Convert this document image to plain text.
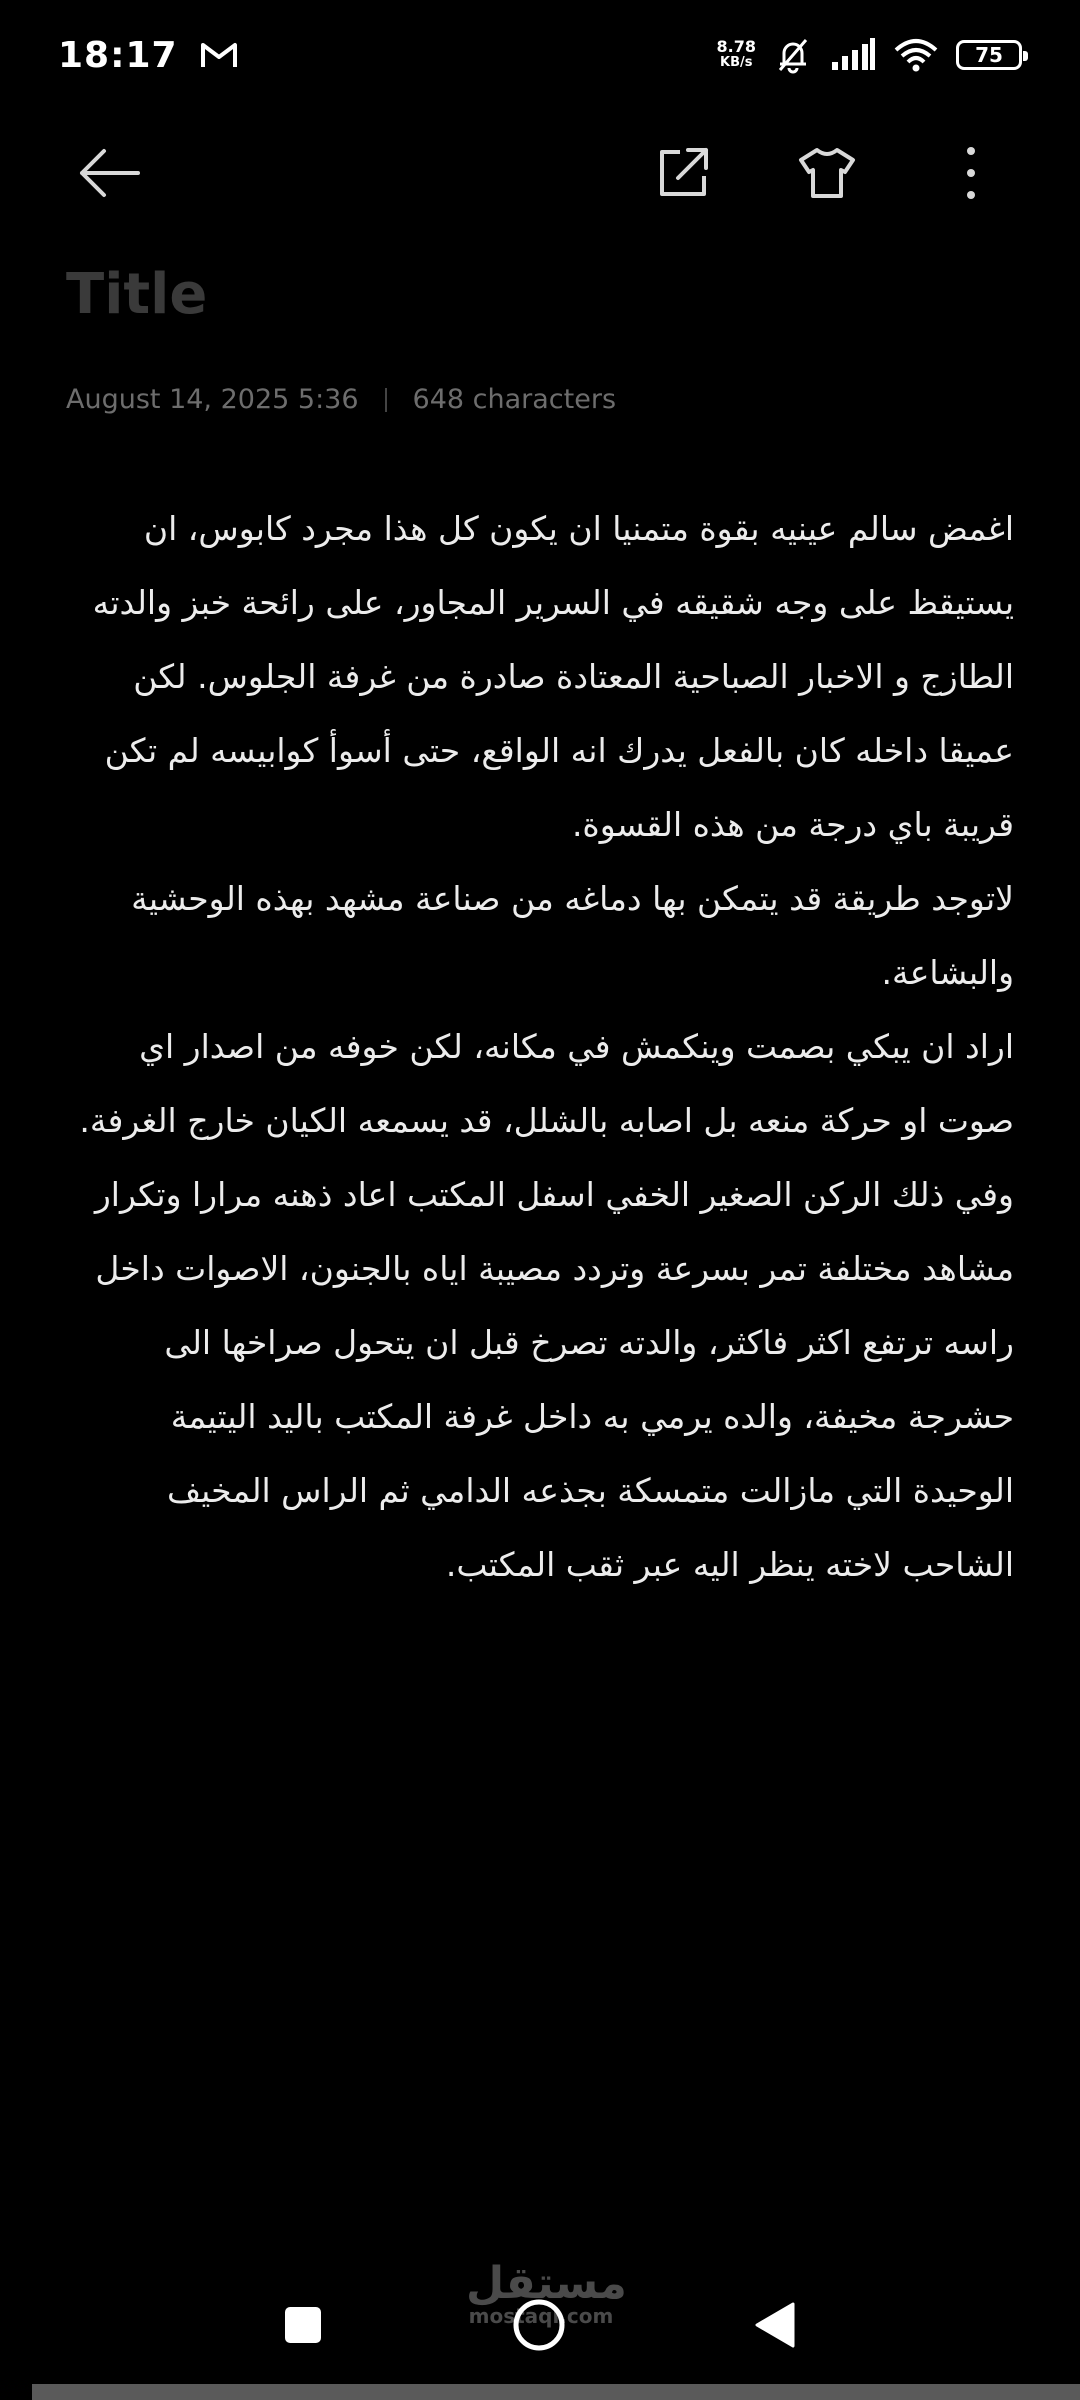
18:17	8.78
KB/s	75
Title
August 14, 2025 5:36 648 characters

اغمض سالم عينيه بقوة متمنيا ان يكون كل هذا مجرد كابوس، ان يستيقظ على وجه شقيقه في السرير المجاور، على رائحة خبز والدته الطازج و الاخبار الصباحية المعتادة صادرة من غرفة الجلوس. لكن عميقا داخله كان بالفعل يدرك انه الواقع، حتى أسوأ كوابيسه لم تكن قريبة باي درجة من هذه القسوة.

لاتوجد طريقة قد يتمكن بها دماغه من صناعة مشهد بهذه الوحشية والبشاعة.

اراد ان يبكي بصمت وينكمش في مكانه، لكن خوفه من اصدار اي صوت او حركة منعه بل اصابه بالشلل، قد يسمعه الكيان خارج الغرفة.

وفي ذلك الركن الصغير الخفي اسفل المكتب اعاد ذهنه مرارا وتكرار مشاهد مختلفة تمر بسرعة وتردد مصيبة اياه بالجنون، الاصوات داخل راسه ترتفع اكثر فاكثر، والدته تصرخ قبل ان يتحول صراخها الى حشرجة مخيفة، والده يرمي به داخل غرفة المكتب باليد اليتيمة الوحيدة التي مازالت متمسكة بجذعه الدامي ثم الراس المخيف الشاحب لاخته ينظر اليه عبر ثقب المكتب.

مستقل
mostaql.com
